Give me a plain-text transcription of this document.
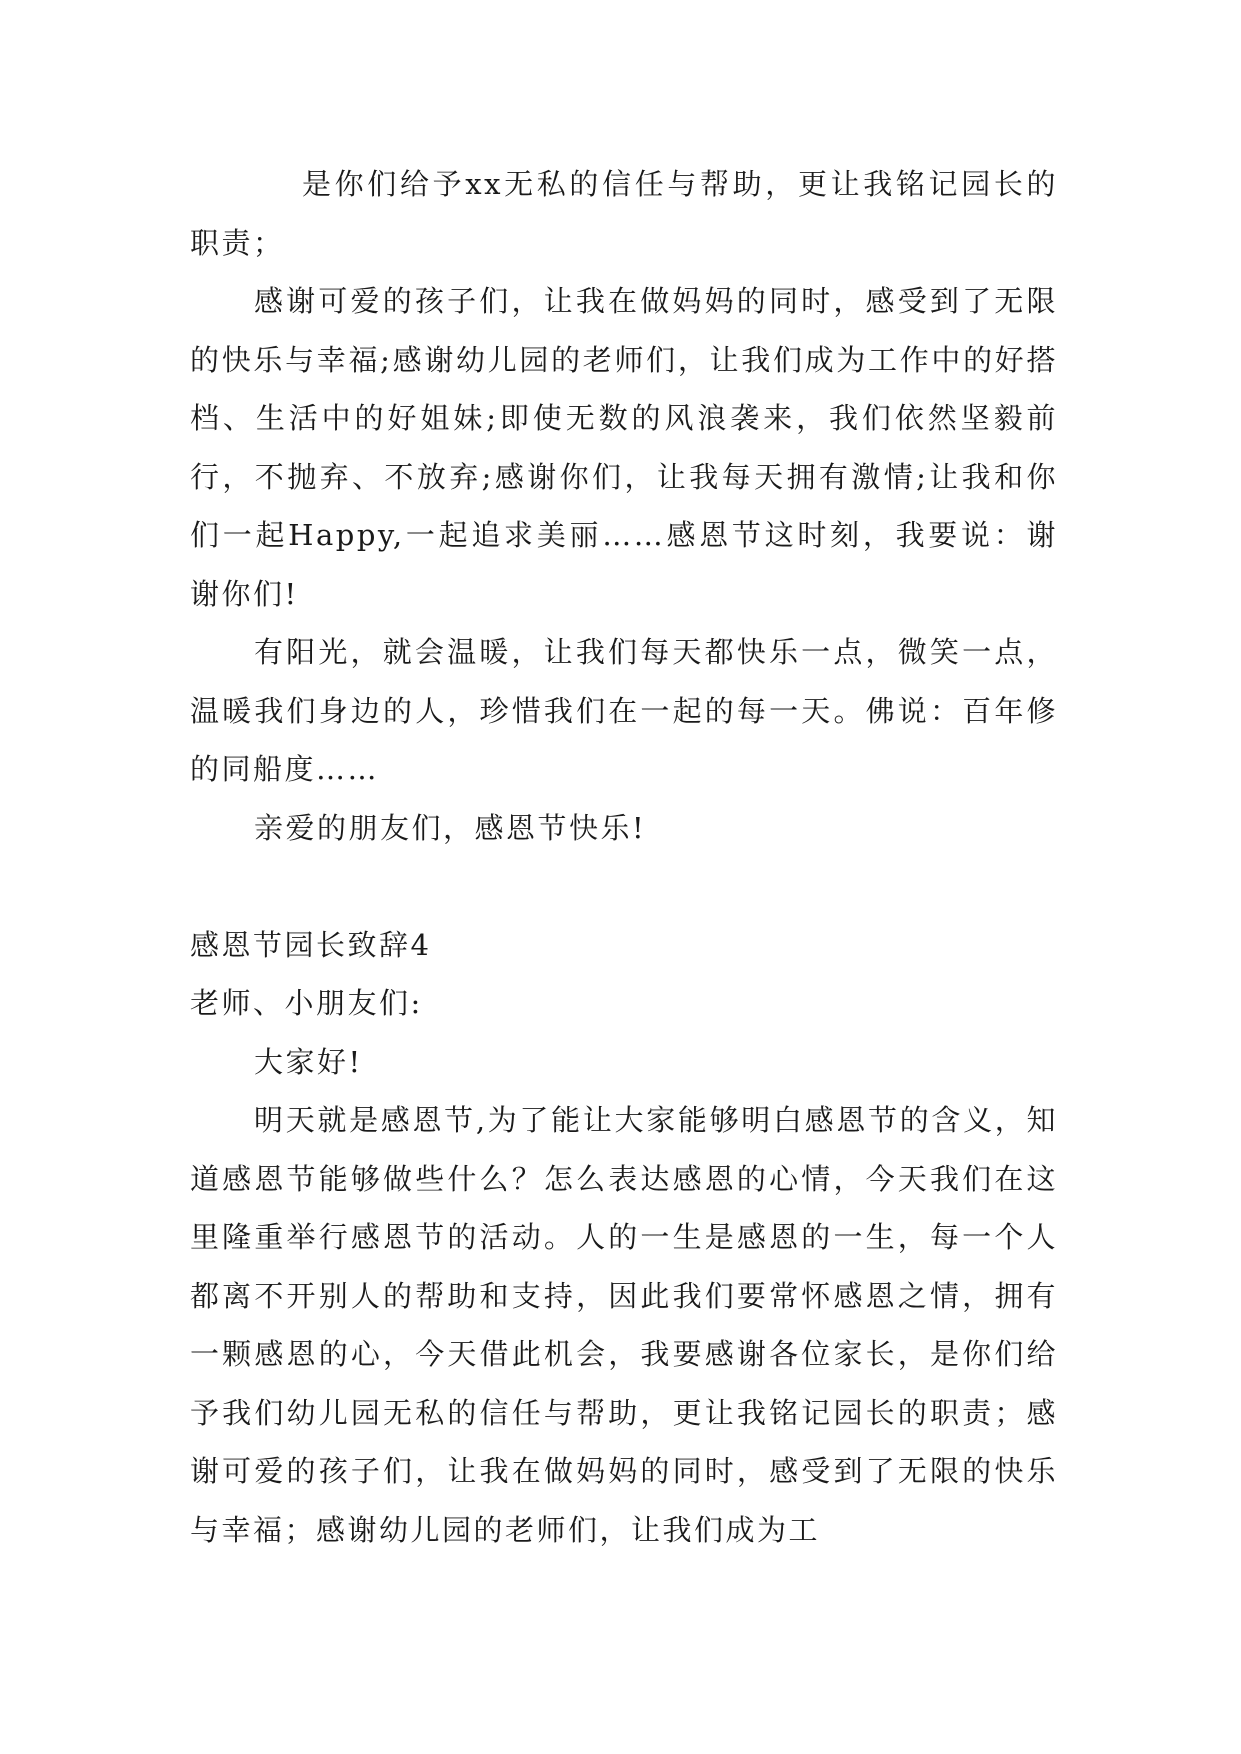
是你们给予xx无私的信任与帮助，更让我铭记园长的职责；

感谢可爱的孩子们，让我在做妈妈的同时，感受到了无限的快乐与幸福;感谢幼儿园的老师们，让我们成为工作中的好搭档、生活中的好姐妹;即使无数的风浪袭来，我们依然坚毅前行，不抛弃、不放弃;感谢你们，让我每天拥有激情;让我和你们一起Happy,一起追求美丽……感恩节这时刻，我要说：谢谢你们!

有阳光，就会温暖，让我们每天都快乐一点，微笑一点，温暖我们身边的人，珍惜我们在一起的每一天。佛说：百年修的同船度……

亲爱的朋友们，感恩节快乐!

感恩节园长致辞4

老师、小朋友们:

大家好!

明天就是感恩节,为了能让大家能够明白感恩节的含义，知道感恩节能够做些什么？怎么表达感恩的心情，今天我们在这里隆重举行感恩节的活动。人的一生是感恩的一生，每一个人都离不开别人的帮助和支持，因此我们要常怀感恩之情，拥有一颗感恩的心，今天借此机会，我要感谢各位家长，是你们给予我们幼儿园无私的信任与帮助，更让我铭记园长的职责；感谢可爱的孩子们，让我在做妈妈的同时，感受到了无限的快乐与幸福；感谢幼儿园的老师们，让我们成为工
